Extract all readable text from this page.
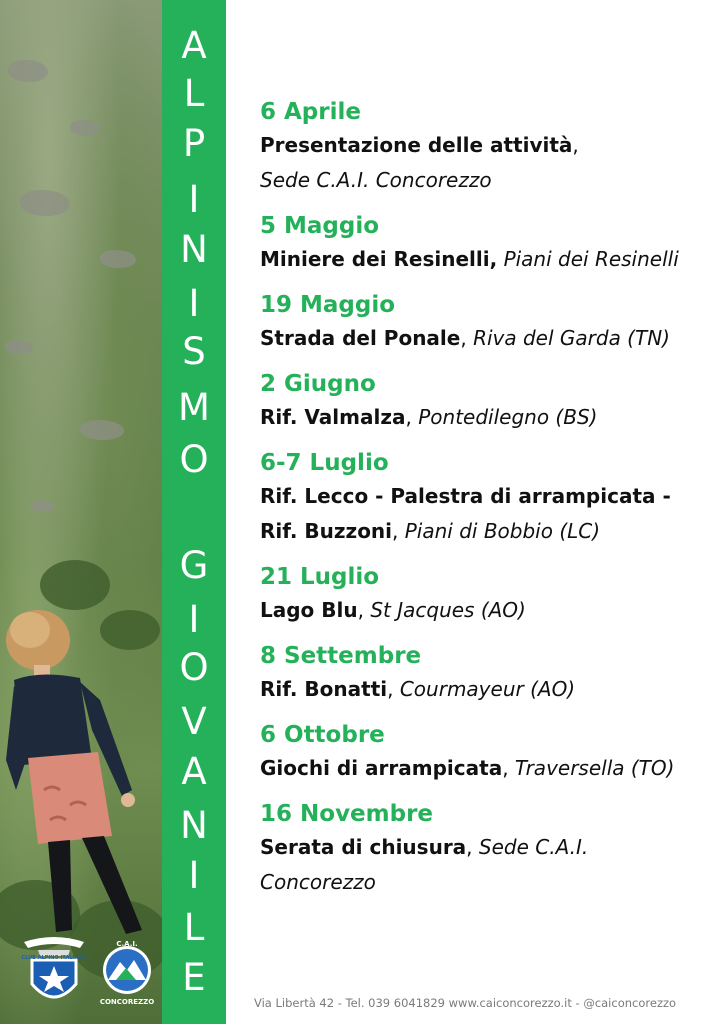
CLUB ALPINO ITALIANO
C.A.I.
CONCOREZZO
A
L
P
I
N
I
S
M
O
G
I
O
V
A
N
I
L
E

6 Aprile

Presentazione delle attività,
Sede C.A.I. Concorezzo

5 Maggio

Miniere dei Resinelli, Piani dei Resinelli

19 Maggio

Strada del Ponale, Riva del Garda (TN)

2 Giugno

Rif. Valmalza, Pontedilegno (BS)

6-7 Luglio

Rif. Lecco - Palestra di arrampicata - Rif. Buzzoni, Piani di Bobbio (LC)

21 Luglio

Lago Blu, St Jacques (AO)

8 Settembre

Rif. Bonatti, Courmayeur (AO)

6 Ottobre

Giochi di arrampicata, Traversella (TO)

16 Novembre

Serata di chiusura, Sede C.A.I. Concorezzo

Via Libertà 42 - Tel. 039 6041829 www.caiconcorezzo.it - @caiconcorezzo
